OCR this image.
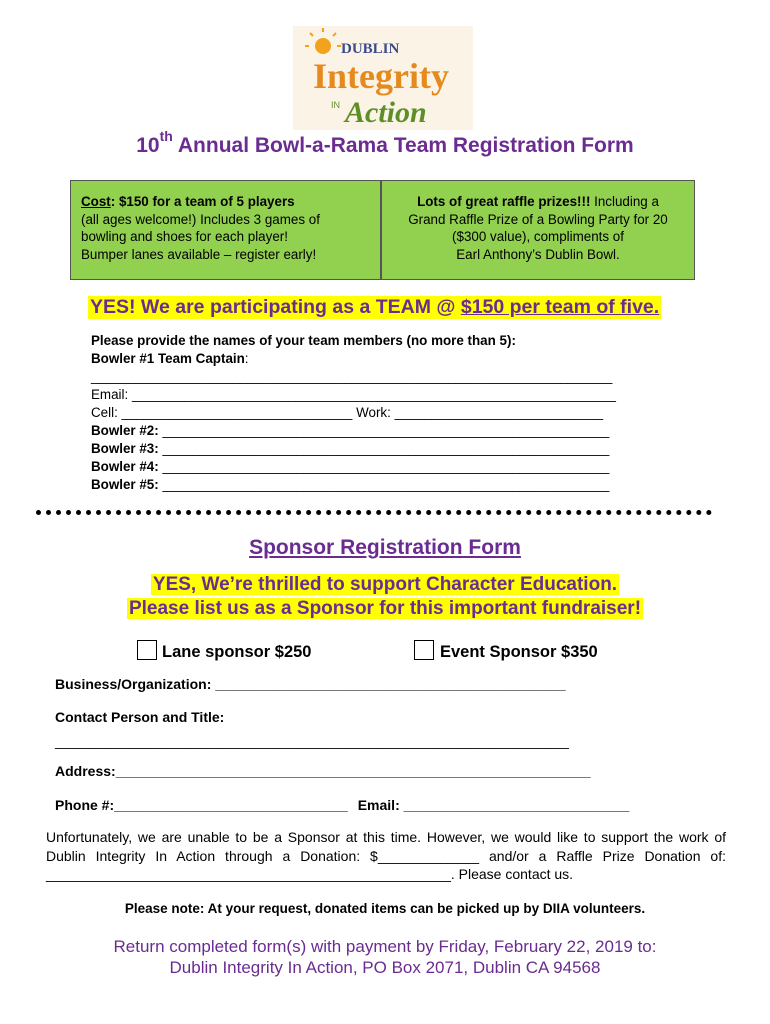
DUBLIN
Integrity
IN Action
10th Annual Bowl-a-Rama Team Registration Form
Cost: $150 for a team of 5 players
(all ages welcome!) Includes 3 games of
bowling and shoes for each player!
Bumper lanes available – register early!
Lots of great raffle prizes!!! Including a
Grand Raffle Prize of a Bowling Party for 20
($300 value), compliments of
Earl Anthony’s Dublin Bowl.
YES! We are participating as a TEAM @ $150 per team of five.
Please provide the names of your team members (no more than 5):
Bowler #1 Team Captain:
______________________________________________________________________
Email: _________________________________________________________________
Cell: _______________________________ Work: ____________________________
Bowler #2: ____________________________________________________________
Bowler #3: ____________________________________________________________
Bowler #4: ____________________________________________________________
Bowler #5: ____________________________________________________________
Sponsor Registration Form
YES, We’re thrilled to support Character Education.
Please list us as a Sponsor for this important fundraiser!
Lane sponsor $250	Event Sponsor $350
Business/Organization: _____________________________________________
Contact Person and Title:
__________________________________________________________________
Address:_____________________________________________________________
Phone #:______________________________ Email: _____________________________
Unfortunately, we are unable to be a Sponsor at this time. However, we would like to support the work of Dublin Integrity In Action through a Donation: $_____________ and/or a Raffle Prize Donation of: ____________________________________________________. Please contact us.
Please note: At your request, donated items can be picked up by DIIA volunteers.
Return completed form(s) with payment by Friday, February 22, 2019 to:
Dublin Integrity In Action, PO Box 2071, Dublin CA 94568
